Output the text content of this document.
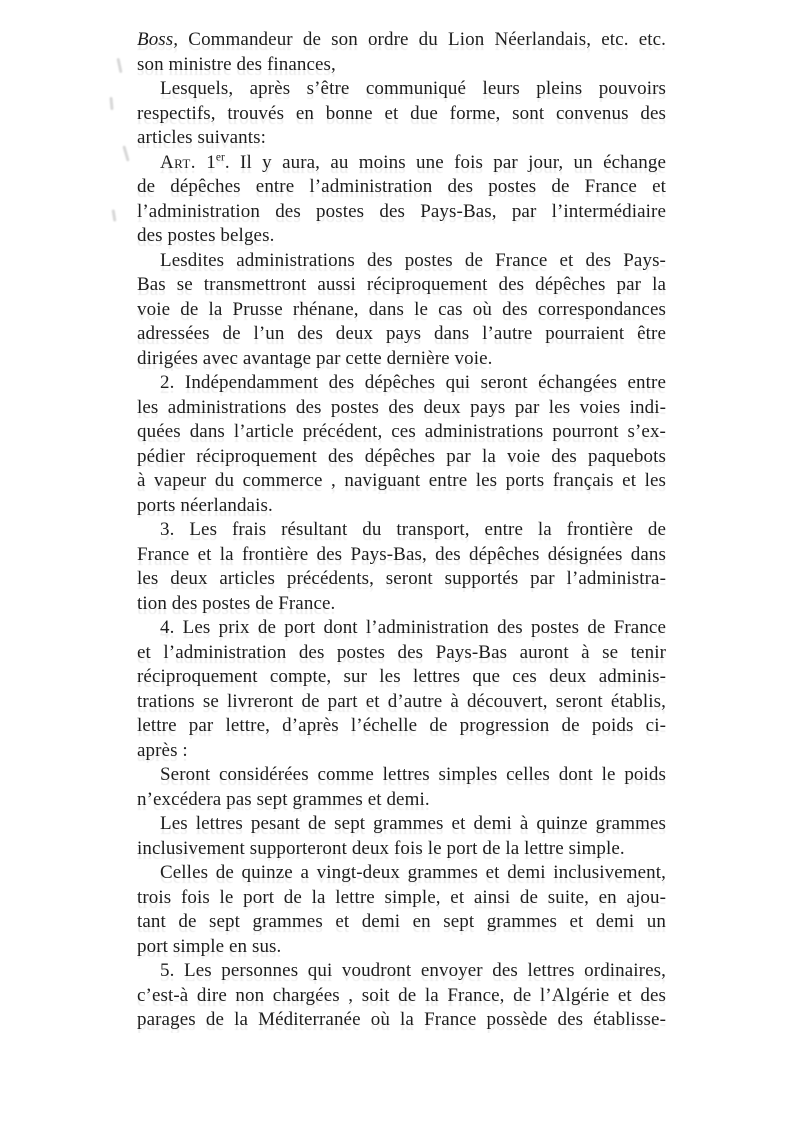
Boss, Commandeur de son ordre du Lion Néerlandais, etc. etc.
son ministre des finances,
Lesquels, après s’être communiqué leurs pleins pouvoirs
respectifs, trouvés en bonne et due forme, sont convenus des
articles suivants:
Art. 1er. Il y aura, au moins une fois par jour, un échange
de dépêches entre l’administration des postes de France et
l’administration des postes des Pays-Bas, par l’intermédiaire
des postes belges.
Lesdites administrations des postes de France et des Pays-
Bas se transmettront aussi réciproquement des dépêches par la
voie de la Prusse rhénane, dans le cas où des correspondances
adressées de l’un des deux pays dans l’autre pourraient être
dirigées avec avantage par cette dernière voie.
2. Indépendamment des dépêches qui seront échangées entre
les administrations des postes des deux pays par les voies indi-
quées dans l’article précédent, ces administrations pourront s’ex-
pédier réciproquement des dépêches par la voie des paquebots
à vapeur du commerce , naviguant entre les ports français et les
ports néerlandais.
3. Les frais résultant du transport, entre la frontière de
France et la frontière des Pays-Bas, des dépêches désignées dans
les deux articles précédents, seront supportés par l’administra-
tion des postes de France.
4. Les prix de port dont l’administration des postes de France
et l’administration des postes des Pays-Bas auront à se tenir
réciproquement compte, sur les lettres que ces deux adminis-
trations se livreront de part et d’autre à découvert, seront établis,
lettre par lettre, d’après l’échelle de progression de poids ci-
après :
Seront considérées comme lettres simples celles dont le poids
n’excédera pas sept grammes et demi.
Les lettres pesant de sept grammes et demi à quinze grammes
inclusivement supporteront deux fois le port de la lettre simple.
Celles de quinze a vingt-deux grammes et demi inclusivement,
trois fois le port de la lettre simple, et ainsi de suite, en ajou-
tant de sept grammes et demi en sept grammes et demi un
port simple en sus.
5. Les personnes qui voudront envoyer des lettres ordinaires,
c’est-à dire non chargées , soit de la France, de l’Algérie et des
parages de la Méditerranée où la France possède des établisse-
